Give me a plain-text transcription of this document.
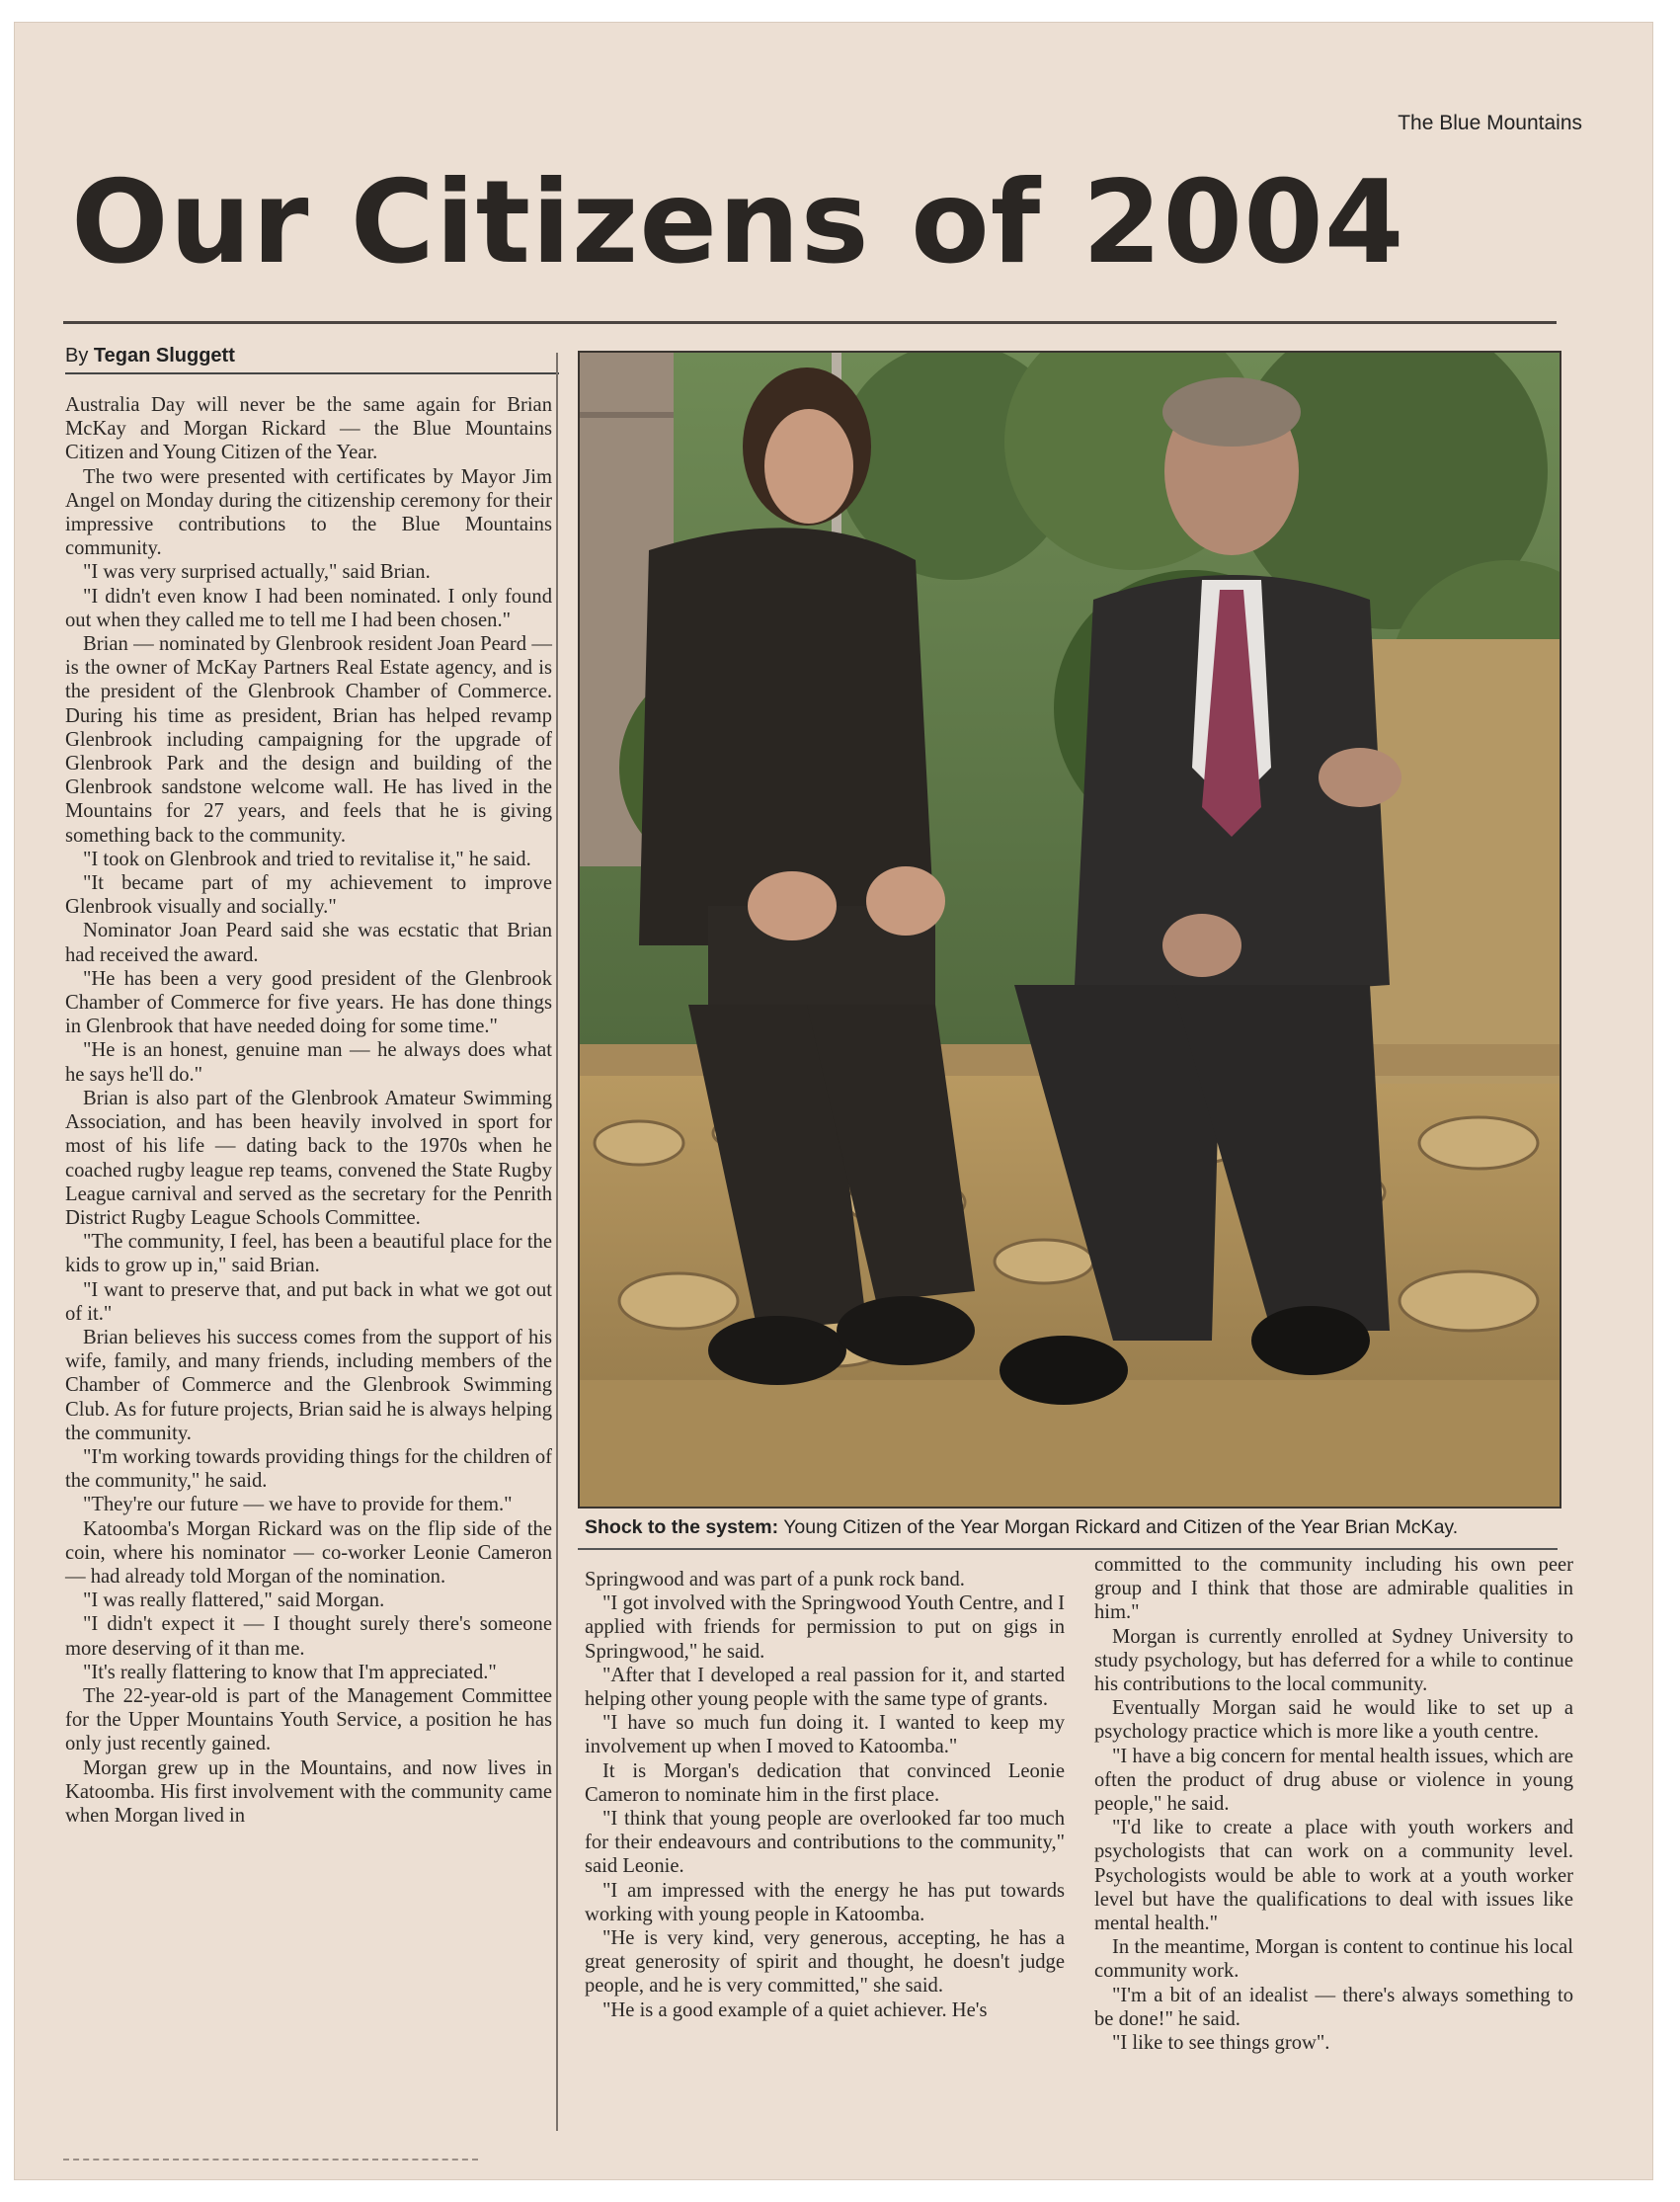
The Blue Mountains
Our Citizens of 2004
By Tegan Sluggett

Australia Day will never be the same again for Brian McKay and Morgan Rickard — the Blue Mountains Citizen and Young Citizen of the Year.

The two were presented with certificates by Mayor Jim Angel on Monday during the citizenship ceremony for their impressive contributions to the Blue Mountains community.

"I was very surprised actually," said Brian.

"I didn't even know I had been nominated. I only found out when they called me to tell me I had been chosen."

Brian — nominated by Glenbrook resident Joan Peard — is the owner of McKay Partners Real Estate agency, and is the president of the Glenbrook Chamber of Commerce. During his time as president, Brian has helped revamp Glenbrook including campaigning for the upgrade of Glenbrook Park and the design and building of the Glenbrook sandstone welcome wall. He has lived in the Mountains for 27 years, and feels that he is giving something back to the community.

"I took on Glenbrook and tried to revitalise it," he said.

"It became part of my achievement to improve Glenbrook visually and socially."

Nominator Joan Peard said she was ecstatic that Brian had received the award.

"He has been a very good president of the Glenbrook Chamber of Commerce for five years. He has done things in Glenbrook that have needed doing for some time."

"He is an honest, genuine man — he always does what he says he'll do."

Brian is also part of the Glenbrook Amateur Swimming Association, and has been heavily involved in sport for most of his life — dating back to the 1970s when he coached rugby league rep teams, convened the State Rugby League carnival and served as the secretary for the Penrith District Rugby League Schools Committee.

"The community, I feel, has been a beautiful place for the kids to grow up in," said Brian.

"I want to preserve that, and put back in what we got out of it."

Brian believes his success comes from the support of his wife, family, and many friends, including members of the Chamber of Commerce and the Glenbrook Swimming Club. As for future projects, Brian said he is always helping the community.

"I'm working towards providing things for the children of the community," he said.

"They're our future — we have to provide for them."

Katoomba's Morgan Rickard was on the flip side of the coin, where his nominator — co-worker Leonie Cameron — had already told Morgan of the nomination.

"I was really flattered," said Morgan.

"I didn't expect it — I thought surely there's someone more deserving of it than me.

"It's really flattering to know that I'm appreciated."

The 22-year-old is part of the Management Committee for the Upper Mountains Youth Service, a position he has only just recently gained.

Morgan grew up in the Mountains, and now lives in Katoomba. His first involvement with the community came when Morgan lived in

Shock to the system: Young Citizen of the Year Morgan Rickard and Citizen of the Year Brian McKay.

Springwood and was part of a punk rock band.

"I got involved with the Springwood Youth Centre, and I applied with friends for permission to put on gigs in Springwood," he said.

"After that I developed a real passion for it, and started helping other young people with the same type of grants.

"I have so much fun doing it. I wanted to keep my involvement up when I moved to Katoomba."

It is Morgan's dedication that convinced Leonie Cameron to nominate him in the first place.

"I think that young people are overlooked far too much for their endeavours and contributions to the community," said Leonie.

"I am impressed with the energy he has put towards working with young people in Katoomba.

"He is very kind, very generous, accepting, he has a great generosity of spirit and thought, he doesn't judge people, and he is very committed," she said.

"He is a good example of a quiet achiever. He's

committed to the community including his own peer group and I think that those are admirable qualities in him."

Morgan is currently enrolled at Sydney University to study psychology, but has deferred for a while to continue his contributions to the local community.

Eventually Morgan said he would like to set up a psychology practice which is more like a youth centre.

"I have a big concern for mental health issues, which are often the product of drug abuse or violence in young people," he said.

"I'd like to create a place with youth workers and psychologists that can work on a community level. Psychologists would be able to work at a youth worker level but have the qualifications to deal with issues like mental health."

In the meantime, Morgan is content to continue his local community work.

"I'm a bit of an idealist — there's always something to be done!" he said.

"I like to see things grow".
